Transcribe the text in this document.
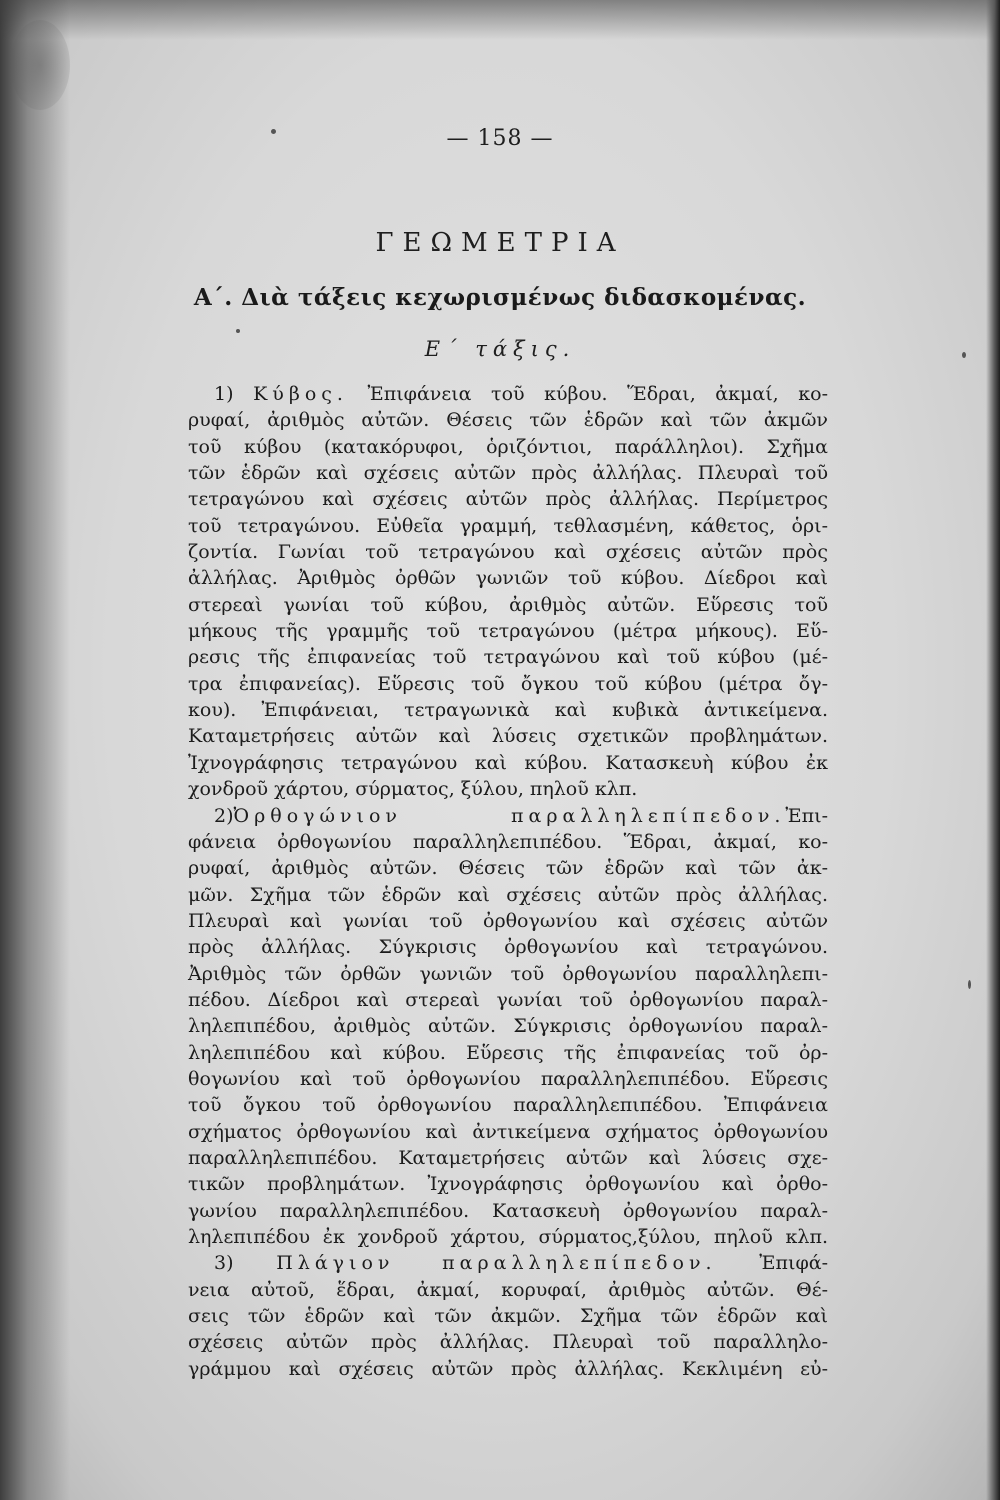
— 158 —
ΓΕΩΜΕΤΡΙΑ
Α΄. Διὰ τάξεις κεχωρισμένως διδασκομένας.
Ε΄ τάξις.
1) Κύβος. Ἐπιφάνεια τοῦ κύβου. Ἕδραι, ἀκμαί, κο-
ρυφαί, ἀριθμὸς αὐτῶν. Θέσεις τῶν ἑδρῶν καὶ τῶν ἀκμῶν
τοῦ κύβου (κατακόρυφοι, ὁριζόντιοι, παράλληλοι). Σχῆμα
τῶν ἑδρῶν καὶ σχέσεις αὐτῶν πρὸς ἀλλήλας. Πλευραὶ τοῦ
τετραγώνου καὶ σχέσεις αὐτῶν πρὸς ἀλλήλας. Περίμετρος
τοῦ τετραγώνου. Εὐθεῖα γραμμή, τεθλασμένη, κάθετος, ὁρι-
ζοντία. Γωνίαι τοῦ τετραγώνου καὶ σχέσεις αὐτῶν πρὸς
ἀλλήλας. Ἀριθμὸς ὀρθῶν γωνιῶν τοῦ κύβου. Δίεδροι καὶ
στερεαὶ γωνίαι τοῦ κύβου, ἀριθμὸς αὐτῶν. Εὕρεσις τοῦ
μήκους τῆς γραμμῆς τοῦ τετραγώνου (μέτρα μήκους). Εὕ-
ρεσις τῆς ἐπιφανείας τοῦ τετραγώνου καὶ τοῦ κύβου (μέ-
τρα ἐπιφανείας). Εὕρεσις τοῦ ὄγκου τοῦ κύβου (μέτρα ὄγ-
κου). Ἐπιφάνειαι, τετραγωνικὰ καὶ κυβικὰ ἀντικείμενα.
Καταμετρήσεις αὐτῶν καὶ λύσεις σχετικῶν προβλημάτων.
Ἰχνογράφησις τετραγώνου καὶ κύβου. Κατασκευὴ κύβου ἐκ
χονδροῦ χάρτου, σύρματος, ξύλου, πηλοῦ κλπ.
2)Ὀρθογώνιον παραλληλεπίπεδον.Ἐπι-
φάνεια ὀρθογωνίου παραλληλεπιπέδου. Ἕδραι, ἀκμαί, κο-
ρυφαί, ἀριθμὸς αὐτῶν. Θέσεις τῶν ἑδρῶν καὶ τῶν ἀκ-
μῶν. Σχῆμα τῶν ἑδρῶν καὶ σχέσεις αὐτῶν πρὸς ἀλλήλας.
Πλευραὶ καὶ γωνίαι τοῦ ὀρθογωνίου καὶ σχέσεις αὐτῶν
πρὸς ἀλλήλας. Σύγκρισις ὀρθογωνίου καὶ τετραγώνου.
Ἀριθμὸς τῶν ὀρθῶν γωνιῶν τοῦ ὀρθογωνίου παραλληλεπι-
πέδου. Δίεδροι καὶ στερεαὶ γωνίαι τοῦ ὀρθογωνίου παραλ-
ληλεπιπέδου, ἀριθμὸς αὐτῶν. Σύγκρισις ὀρθογωνίου παραλ-
ληλεπιπέδου καὶ κύβου. Εὕρεσις τῆς ἐπιφανείας τοῦ ὀρ-
θογωνίου καὶ τοῦ ὀρθογωνίου παραλληλεπιπέδου. Εὕρεσις
τοῦ ὄγκου τοῦ ὀρθογωνίου παραλληλεπιπέδου. Ἐπιφάνεια
σχήματος ὀρθογωνίου καὶ ἀντικείμενα σχήματος ὀρθογωνίου
παραλληλεπιπέδου. Καταμετρήσεις αὐτῶν καὶ λύσεις σχε-
τικῶν προβλημάτων. Ἰχνογράφησις ὀρθογωνίου καὶ ὀρθο-
γωνίου παραλληλεπιπέδου. Κατασκευὴ ὀρθογωνίου παραλ-
ληλεπιπέδου ἐκ χονδροῦ χάρτου, σύρματος,ξύλου, πηλοῦ κλπ.
3) Πλάγιον παραλληλεπίπεδον. Ἐπιφά-
νεια αὐτοῦ, ἕδραι, ἀκμαί, κορυφαί, ἀριθμὸς αὐτῶν. Θέ-
σεις τῶν ἑδρῶν καὶ τῶν ἀκμῶν. Σχῆμα τῶν ἑδρῶν καὶ
σχέσεις αὐτῶν πρὸς ἀλλήλας. Πλευραὶ τοῦ παραλληλο-
γράμμου καὶ σχέσεις αὐτῶν πρὸς ἀλλήλας. Κεκλιμένη εὐ-
